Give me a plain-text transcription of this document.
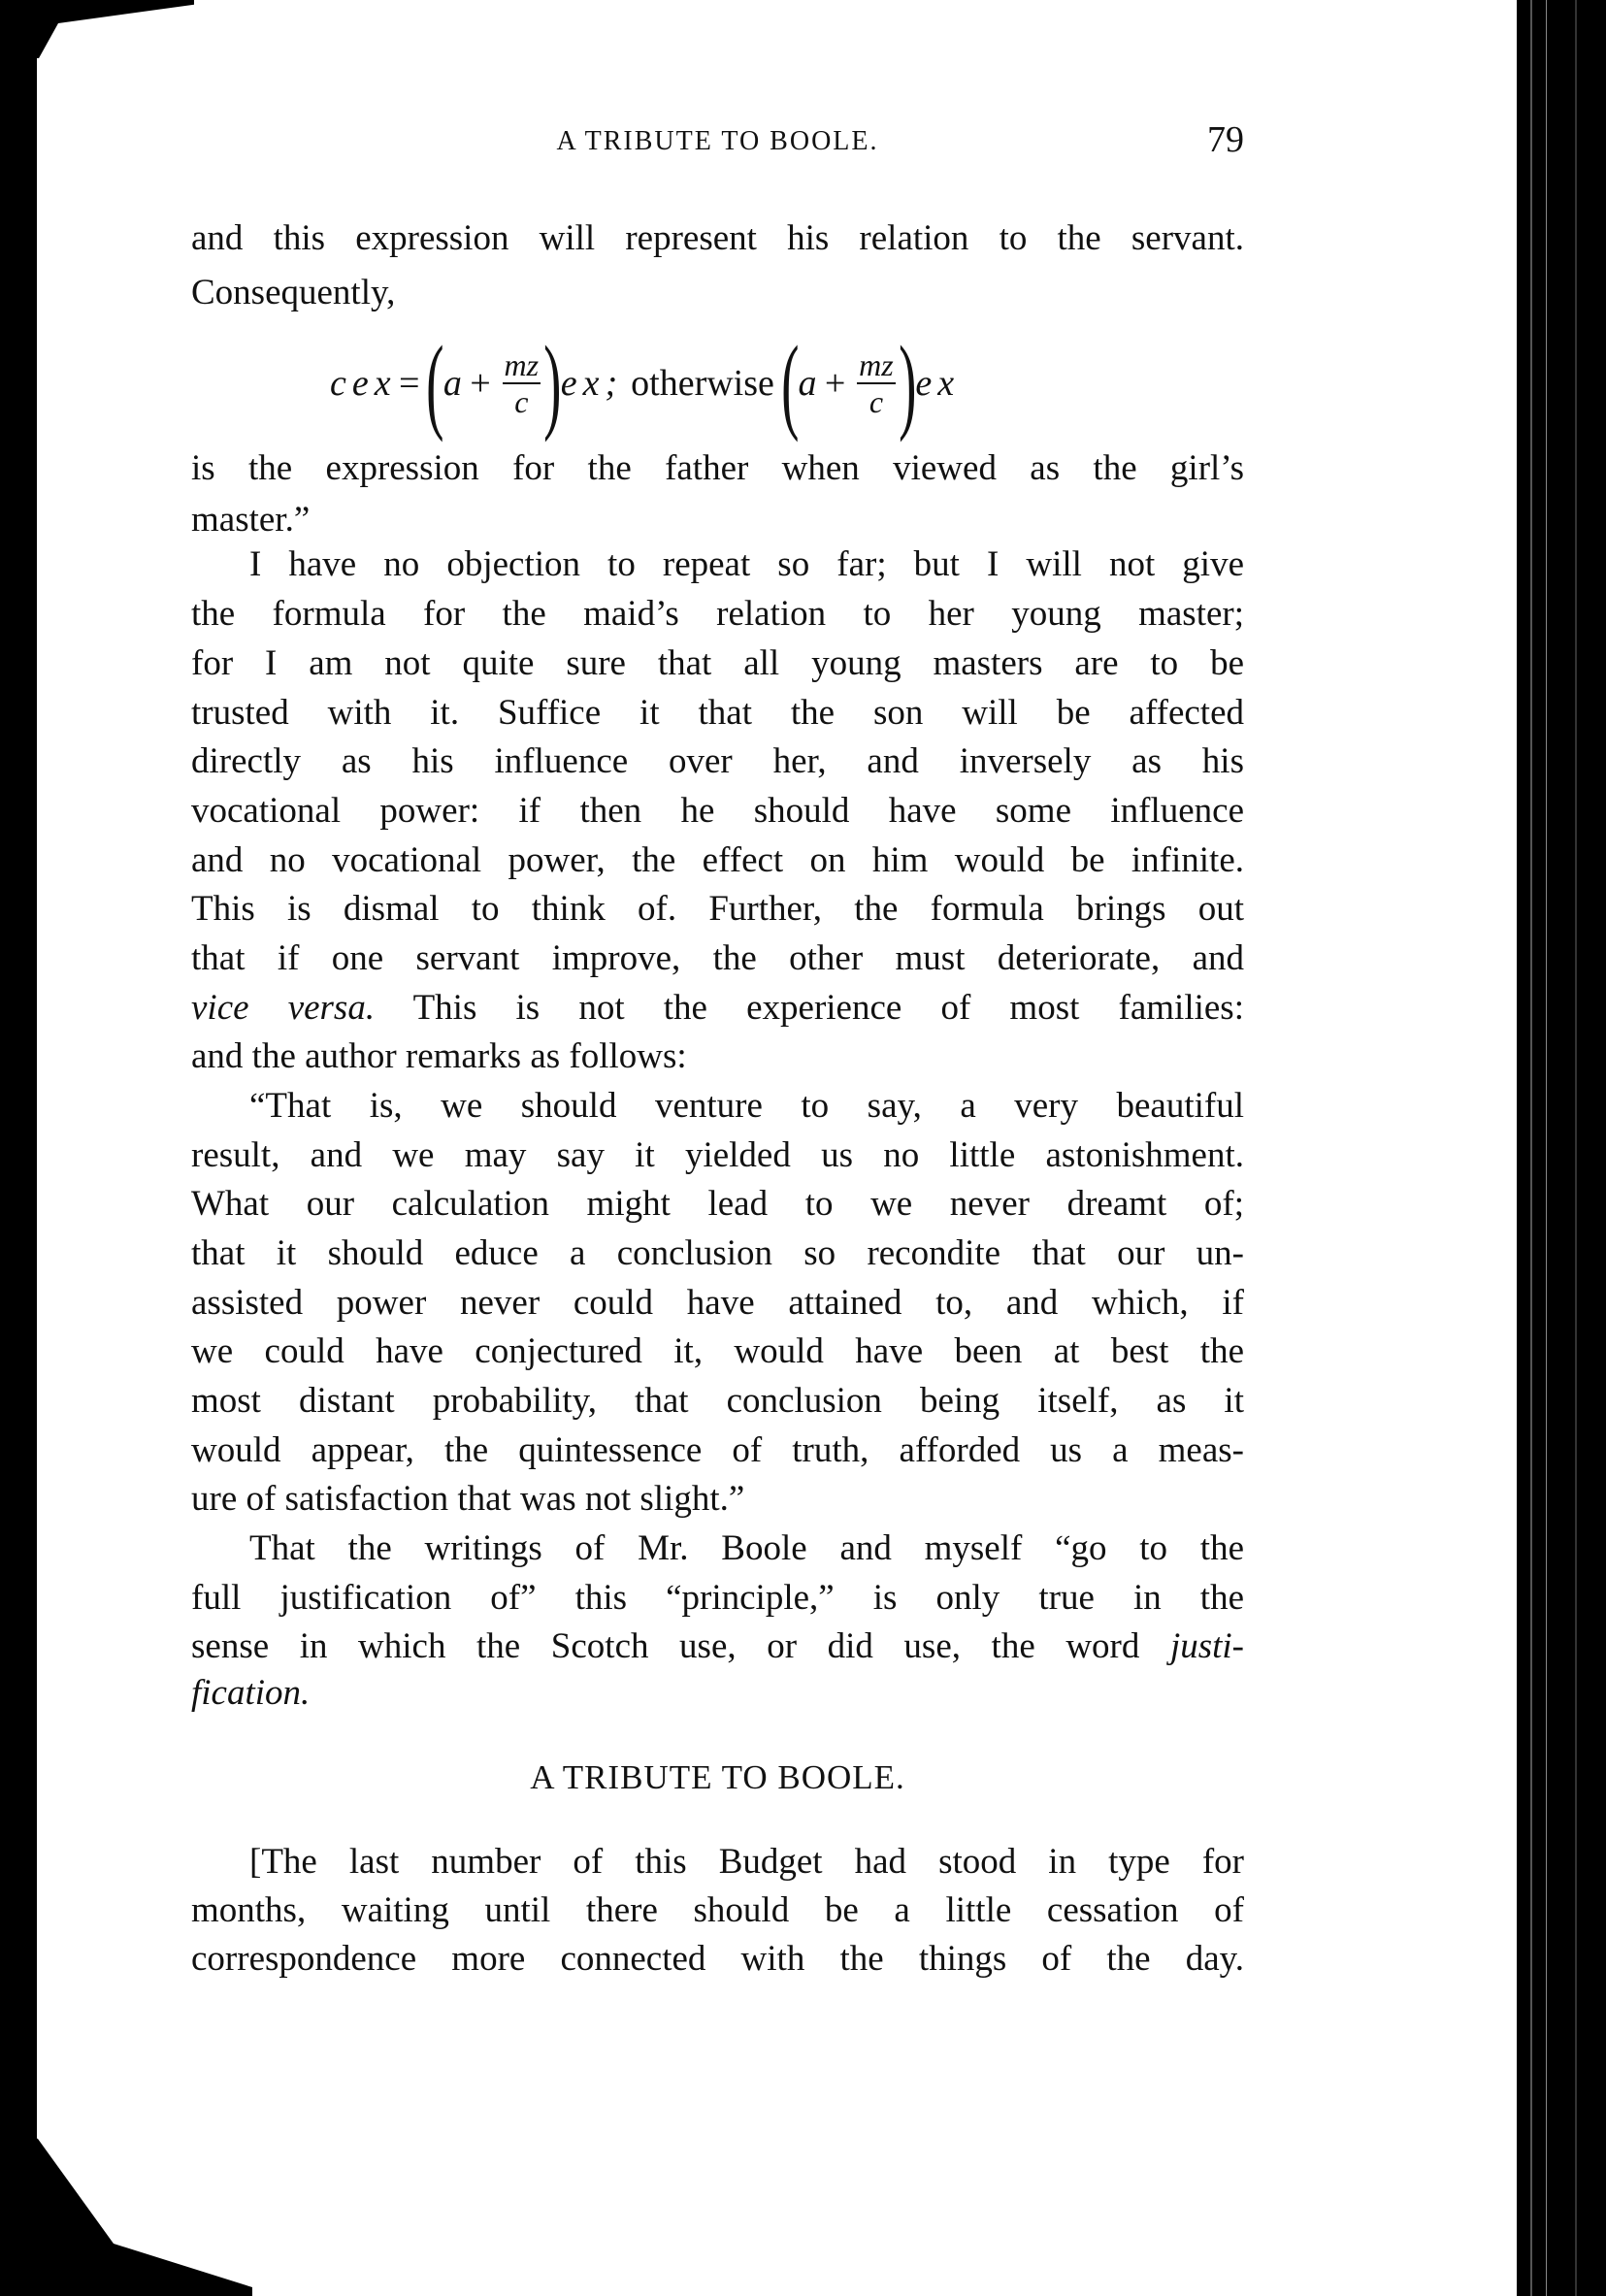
A TRIBUTE TO BOOLE.	79
cex= ( $a+ \frac{mz}{c}$ ) ex; otherwise ( $a+ \frac{mz}{c}$ ) ex
and this expression will represent his relation to the servant.
Consequently,
is the expression for the father when viewed as the girl’s
master.”
I have no objection to repeat so far; but I will not give
the formula for the maid’s relation to her young master;
for I am not quite sure that all young masters are to be
trusted with it. Suffice it that the son will be affected
directly as his influence over her, and inversely as his
vocational power: if then he should have some influence
and no vocational power, the effect on him would be infinite.
This is dismal to think of. Further, the formula brings out
that if one servant improve, the other must deteriorate, and
vice versa. This is not the experience of most families:
and the author remarks as follows:
“That is, we should venture to say, a very beautiful
result, and we may say it yielded us no little astonishment.
What our calculation might lead to we never dreamt of;
that it should educe a conclusion so recondite that our un-
assisted power never could have attained to, and which, if
we could have conjectured it, would have been at best the
most distant probability, that conclusion being itself, as it
would appear, the quintessence of truth, afforded us a meas-
ure of satisfaction that was not slight.”
That the writings of Mr. Boole and myself “go to the
full justification of” this “principle,” is only true in the
sense in which the Scotch use, or did use, the word justi-
fication.
A TRIBUTE TO BOOLE.
[The last number of this Budget had stood in type for
months, waiting until there should be a little cessation of
correspondence more connected with the things of the day.
